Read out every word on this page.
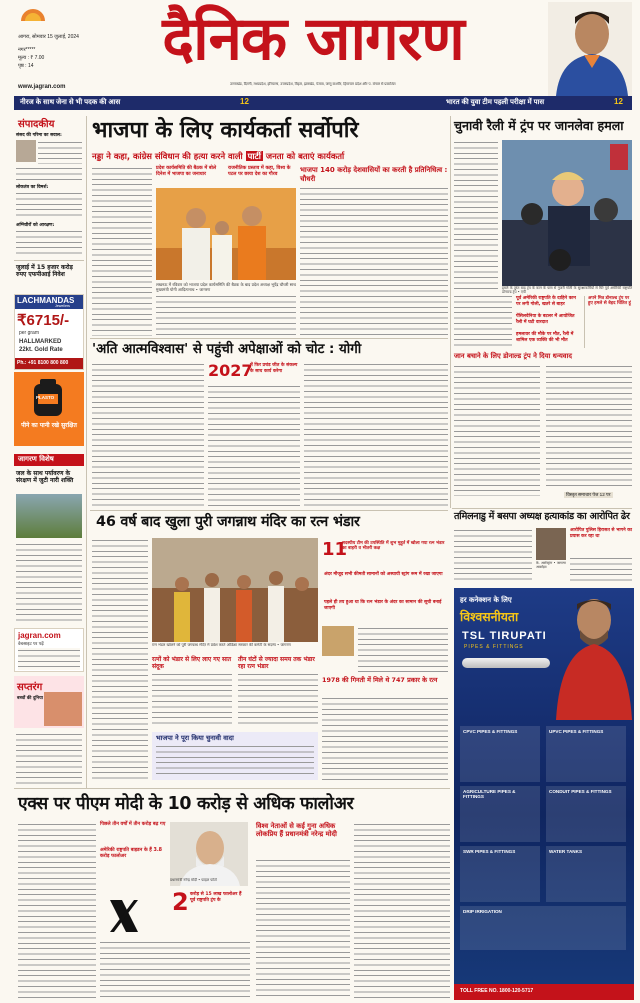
आगरा, सोमवार 15 जुलाई, 2024
नगर*****
मूल्य : ₹ 7.00
पृष्ठ : 14	दैनिक जागरण
उत्तराखंड, दिल्ली, मध्यप्रदेश, हरियाणा, उत्तरप्रदेश, बिहार, झारखंड, पंजाब, जम्मू कश्मीर, हिमाचल प्रदेश और प. बंगाल से प्रकाशित
www.jagran.com
नीरज के साथ जेना से भी पदक की आस	12	भारत की युवा टीम पहली परीक्षा में पास	12
संपादकीय
संसद की गरिमा का सवाल:
लोकतंत्र का विमर्श:
अग्निवीरों को आरक्षण:
जुलाई में 15 हजार करोड़ रुपए एफपीआई निवेश
LACHMANDAS
Jewellers
₹6715/-
per gram
HALLMARKED
22kt. Gold Rate
Ph.: +91 8100 800 800
PLASTO
पीने का पानी रखे सुरक्षित
जागरण विशेष
जल के साथ पर्यावरण के संरक्षण में जुटी नारी शक्ति
jagran.com
वेबसाइट पर पढ़ें
सप्तरंग
बच्चों की दुनिया
भाजपा के लिए कार्यकर्ता सर्वोपरि
नड्डा ने कहा, कांग्रेस संविधान की हत्या करने वाली पार्टी जनता को बताएं कार्यकर्ता
प्रदेश कार्यसमिति की बैठक में बोले दिनेश में भाजपा का जनाधार
राजनीतिक प्रस्ताव में कहा, विश्व के पटल पर छाया देश का गौरव
लखनऊ में रविवार को भाजपा प्रदेश कार्यसमिति की बैठक के बाद प्रदेश अध्यक्ष भूपेंद्र चौधरी साथ मुख्यमंत्री योगी आदित्यनाथ • जागरण
भाजपा 140 करोड़ देशवासियों का करती है प्रतिनिधित्व : चौधरी
'अति आत्मविश्वास' से पहुंची अपेक्षाओं को चोट : योगी
2027
में फिर प्रचंड जीत के संकल्प के साथ कार्य करेगा
चुनावी रैली में ट्रंप पर जानलेवा हमला
हमले के तुरंत बाद ट्रंप के कान के पास से गुजरी गोली के सुरक्षाकर्मियों से घिरे पूर्व अमेरिकी राष्ट्रपति डोनाल्ड ट्रंप • एपी
पूर्व अमेरिकी राष्ट्रपति के दाहिने कान पर लगी गोली, खतरे से बाहर
पेंसिलवेनिया के बटलर में आयोजित रैली में घटी वारदात
हमलावर की मौके पर मौत, रैली में शामिल एक व्यक्ति की भी मौत
अपने मित्र डोनाल्ड ट्रंप पर हुए हमले से बेहद चिंतित हूं
जान बचाने के लिए डोनाल्ड ट्रंप ने दिया धन्यवाद
विस्तृत समाचार पेज 12 पर
तमिलनाडु में बसपा अध्यक्ष हत्याकांड का आरोपित ढेर
के. आर्मस्ट्रांग • जागरण आर्काइव
आरोपित पुलिस हिरासत से भागने का प्रयास कर रहा था
46 वर्ष बाद खुला पुरी जगन्नाथ मंदिर का रत्न भंडार
रत्न भंडार खोलने को पुरी जगन्नाथ मंदिर में प्रवेश करते ओडिशा सरकार की कमेटी के सदस्य • जागरण
11
सदस्यीय टीम की उपस्थिति में शुभ मुहूर्त में खोला गया रत्न भंडार का बाहरी व भीतरी कक्ष
अंदर मौजूद सभी कीमती सामानों को अस्थायी स्ट्रांग रूम में रखा जाएगा
पहले ही तय हुआ था कि रत्न भंडार के अंदर का सामान की सूची बनाई जाएगी
रत्नों को भंडार से लिए लाए गए सात संदूक
तीन घंटों से ज्यादा समय तक भंडार रहा रत्न भंडार
1978 की गिनती में मिले थे 747 प्रकार के रत्न
भाजपा ने पूरा किया चुनावी वादा
हर कनेक्शन के लिए
विश्वसनीयता
TSL TIRUPATI
PIPES & FITTINGS
CPVC PIPES & FITTINGS	UPVC PIPES & FITTINGS
AGRICULTURE PIPES & FITTINGS
CONDUIT PIPES & FITTINGS
SWR PIPES & FITTINGS	WATER TANKS
DRIP IRRIGATION
TOLL FREE NO. 1800-120-5717
एक्स पर पीएम मोदी के 10 करोड़ से अधिक फालोअर
पिछले तीन वर्षों में तीन करोड़ बढ़ गए
अमेरिकी राष्ट्रपति बाइडन के हैं 3.8 करोड़ फालोअर
2 करोड़ से 15 लाख फालोअर हैं पूर्व राष्ट्रपति ट्रंप के
प्रधानमंत्री नरेन्द्र मोदी • फाइल फोटो
विश्व नेताओं से कई गुना अधिक लोकप्रिय हैं प्रधानमंत्री नरेन्द्र मोदी
